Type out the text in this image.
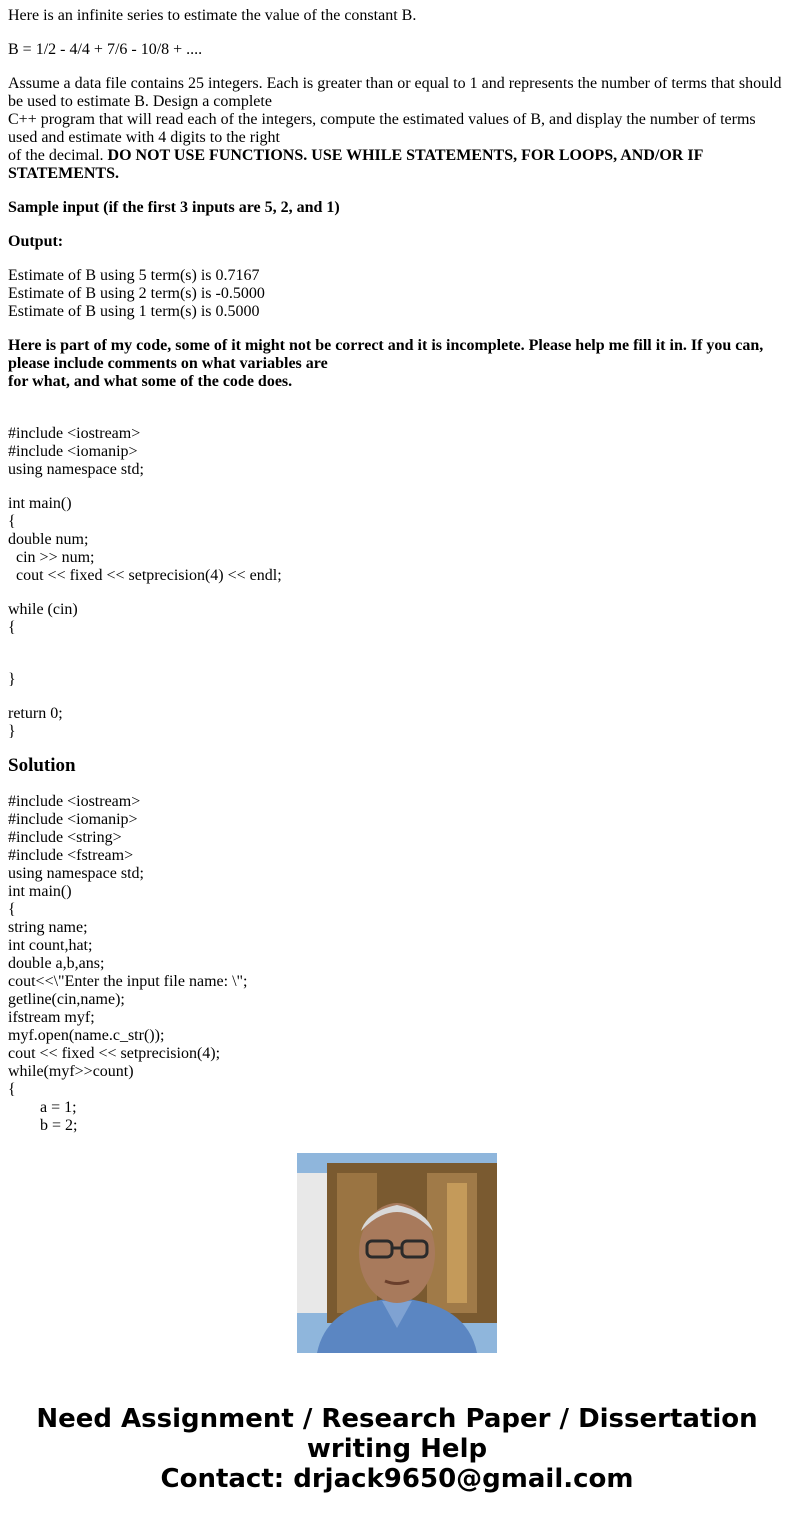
Here is an infinite series to estimate the value of the constant B.
B = 1/2 - 4/4 + 7/6 - 10/8 + ....
Assume a data file contains 25 integers. Each is greater than or equal to 1 and represents the number of terms that should be used to estimate B. Design a complete
C++ program that will read each of the integers, compute the estimated values of B, and display the number of terms used and estimate with 4 digits to the right
of the decimal. DO NOT USE FUNCTIONS. USE WHILE STATEMENTS, FOR LOOPS, AND/OR IF STATEMENTS.
Sample input (if the first 3 inputs are 5, 2, and 1)
Output:
Estimate of B using 5 term(s) is 0.7167
Estimate of B using 2 term(s) is -0.5000
Estimate of B using 1 term(s) is 0.5000
Here is part of my code, some of it might not be correct and it is incomplete. Please help me fill it in. If you can, please include comments on what variables are
for what, and what some of the code does.
#include <iostream>
#include <iomanip>
using namespace std;
int main()
{
double num;
cin >> num;
cout << fixed << setprecision(4) << endl;
while (cin)
{
}
return 0;
}
Solution
#include <iostream>
#include <iomanip>
#include <string>
#include <fstream>
using namespace std;
int main()
{
string name;
int count,hat;
double a,b,ans;
cout<<\"Enter the input file name: \";
getline(cin,name);
ifstream myf;
myf.open(name.c_str());
cout << fixed << setprecision(4);
while(myf>>count)
{
a = 1;
b = 2;
Need Assignment / Research Paper / Dissertation
writing Help
Contact: drjack9650@gmail.com
